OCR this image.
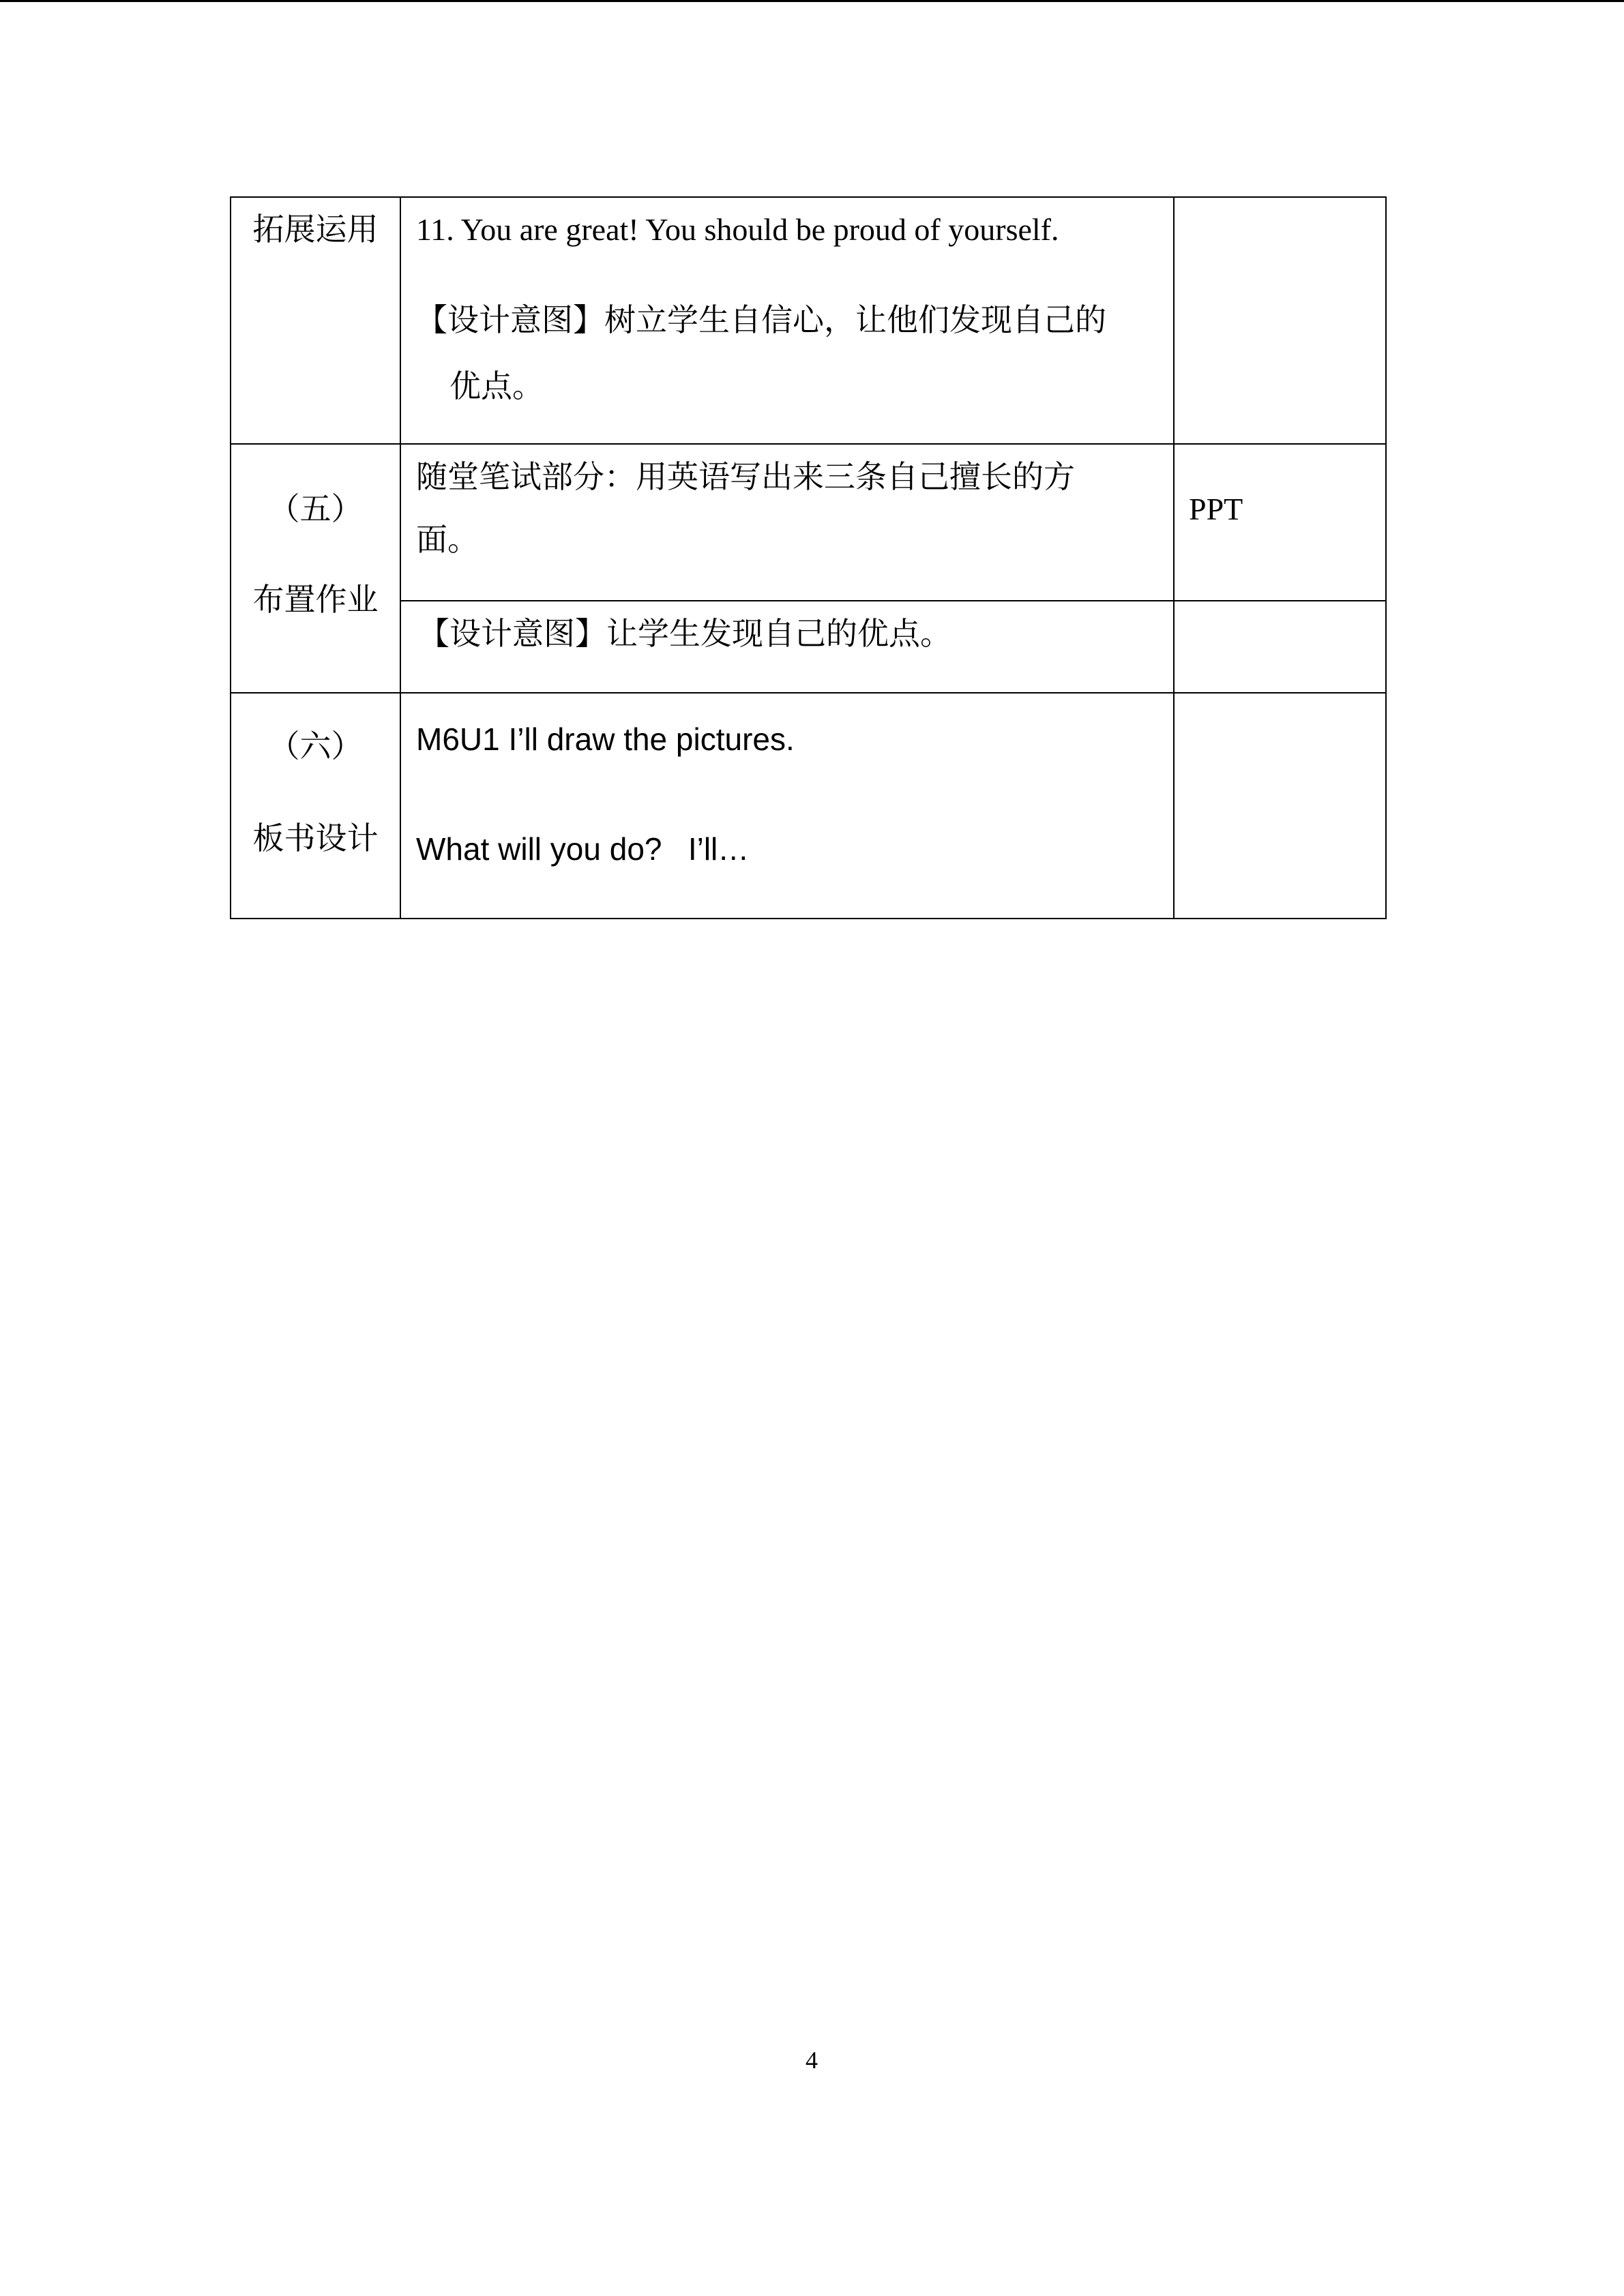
拓展运用	11. You are great! You should be proud of yourself.
【设计意图】树立学生自信心，让他们发现自己的
优点。
（五）
布置作业
随堂笔试部分：用英语写出来三条自己擅长的方
面。
PPT
【设计意图】让学生发现自己的优点。
（六）
板书设计
M6U1 I’ll draw the pictures.
What will you do?   I’ll…
4
